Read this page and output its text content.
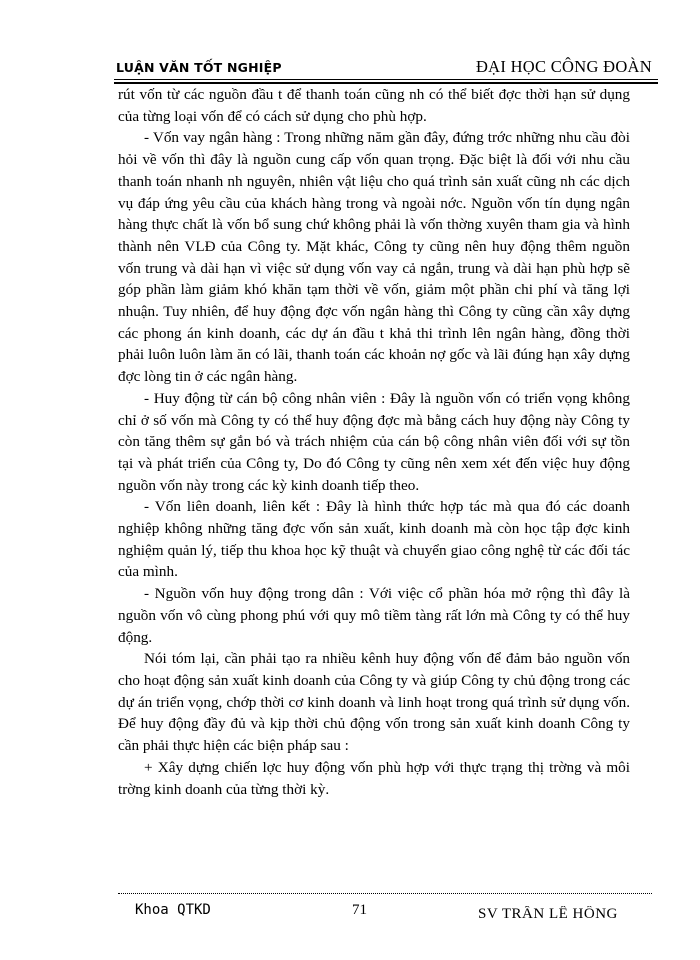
LUẬN VĂN TỐT NGHIỆP	ĐẠI HỌC CÔNG ĐOÀN

rút vốn từ các nguồn đầu t để thanh toán cũng nh có thể biết đợc thời hạn sử dụng của từng loại vốn để có cách sử dụng cho phù hợp.

- Vốn vay ngân hàng : Trong những năm gần đây, đứng trớc những nhu cầu đòi hỏi về vốn thì đây là nguồn cung cấp vốn quan trọng. Đặc biệt là đối với nhu cầu thanh toán nhanh nh nguyên, nhiên vật liệu cho quá trình sản xuất cũng nh các dịch vụ đáp ứng yêu cầu của khách hàng trong và ngoài nớc. Nguồn vốn tín dụng ngân hàng thực chất là vốn bổ sung chứ không phải là vốn thờng xuyên tham gia và hình thành nên VLĐ của Công ty. Mặt khác, Công ty cũng nên huy động thêm nguồn vốn trung và dài hạn vì việc sử dụng vốn vay cả ngắn, trung và dài hạn phù hợp sẽ góp phần làm giảm khó khăn tạm thời về vốn, giảm một phần chi phí và tăng lợi nhuận. Tuy nhiên, để huy động đợc vốn ngân hàng thì Công ty cũng cần xây dựng các phong án kinh doanh, các dự án đầu t khả thi trình lên ngân hàng, đồng thời phải luôn luôn làm ăn có lãi, thanh toán các khoản nợ gốc và lãi đúng hạn xây dựng đợc lòng tin ở các ngân hàng.

- Huy động từ cán bộ công nhân viên : Đây là nguồn vốn có triển vọng không chỉ ở số vốn mà Công ty có thể huy động đợc mà bằng cách huy động này Công ty còn tăng thêm sự gắn bó và trách nhiệm của cán bộ công nhân viên đối với sự tồn tại và phát triển của Công ty, Do đó Công ty cũng nên xem xét đến việc huy động nguồn vốn này trong các kỳ kinh doanh tiếp theo.

- Vốn liên doanh, liên kết : Đây là hình thức hợp tác mà qua đó các doanh nghiệp không những tăng đợc vốn sản xuất, kinh doanh mà còn học tập đợc kinh nghiệm quản lý, tiếp thu khoa học kỹ thuật và chuyển giao công nghệ từ các đối tác của mình.

- Nguồn vốn huy động trong dân : Với việc cổ phần hóa mở rộng thì đây là nguồn vốn vô cùng phong phú với quy mô tiềm tàng rất lớn mà Công ty có thể huy động.

Nói tóm lại, cần phải tạo ra nhiều kênh huy động vốn để đảm bảo nguồn vốn cho hoạt động sản xuất kinh doanh của Công ty và giúp Công ty chủ động trong các dự án triển vọng, chớp thời cơ kinh doanh và linh hoạt trong quá trình sử dụng vốn. Để huy động đầy đủ và kịp thời chủ động vốn trong sản xuất kinh doanh Công ty cần phải thực hiện các biện pháp sau :

+ Xây dựng chiến lợc huy động vốn phù hợp với thực trạng thị trờng và môi trờng kinh doanh của từng thời kỳ.

Khoa QTKD	71	SV TRẦN LÊ HỒNG
